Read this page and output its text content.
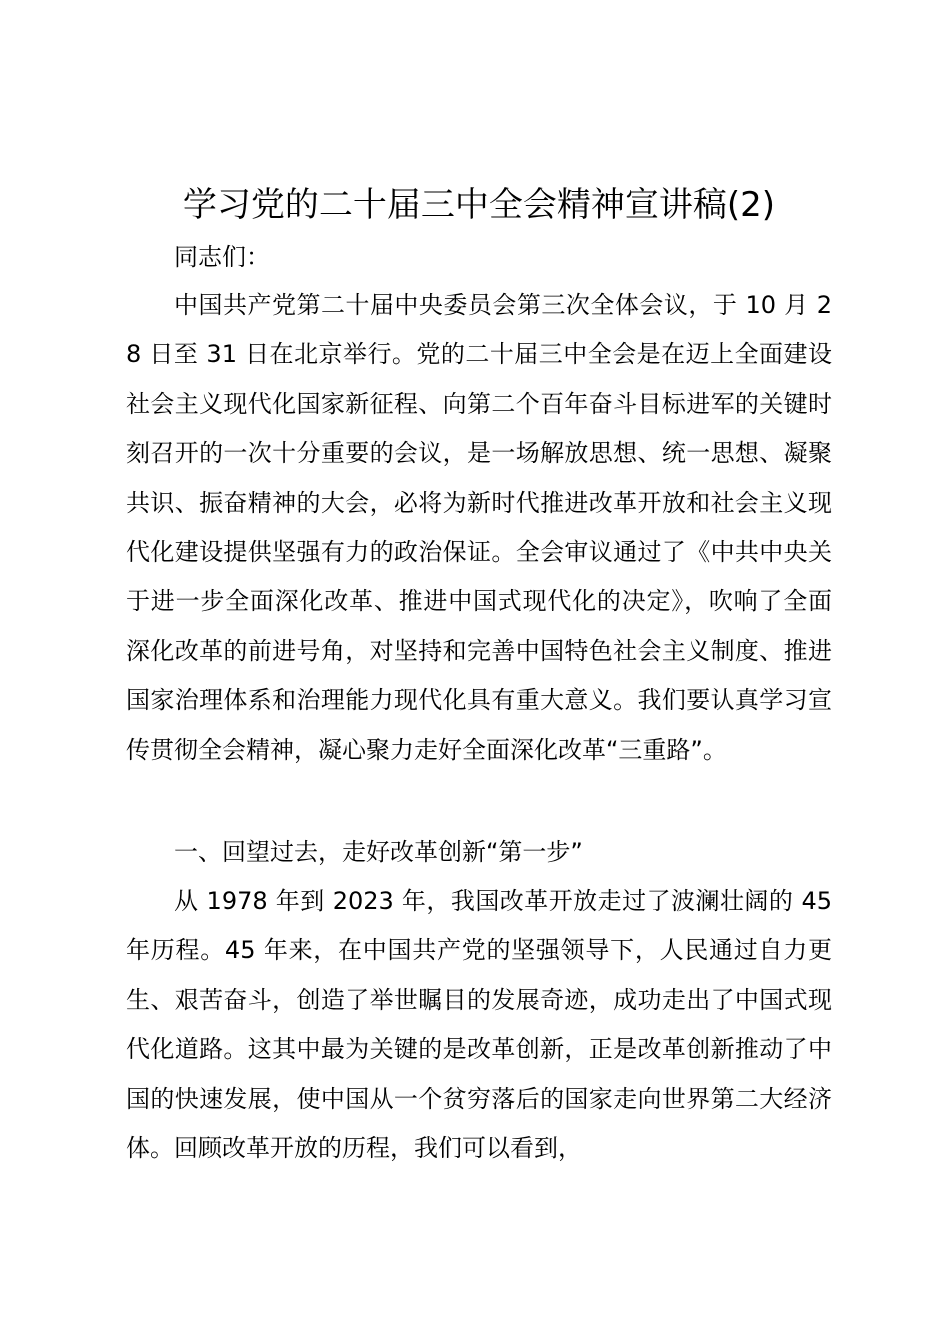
学习党的二十届三中全会精神宣讲稿(2)

同志们：

中国共产党第二十届中央委员会第三次全体会议，于 10 月 28 日至 31 日在北京举行。党的二十届三中全会是在迈上全面建设社会主义现代化国家新征程、向第二个百年奋斗目标进军的关键时刻召开的一次十分重要的会议，是一场解放思想、统一思想、凝聚共识、振奋精神的大会，必将为新时代推进改革开放和社会主义现代化建设提供坚强有力的政治保证。全会审议通过了《中共中央关于进一步全面深化改革、推进中国式现代化的决定》，吹响了全面深化改革的前进号角，对坚持和完善中国特色社会主义制度、推进国家治理体系和治理能力现代化具有重大意义。我们要认真学习宣传贯彻全会精神，凝心聚力走好全面深化改革“三重路”。

一、回望过去，走好改革创新“第一步”

从 1978 年到 2023 年，我国改革开放走过了波澜壮阔的 45 年历程。45 年来，在中国共产党的坚强领导下，人民通过自力更生、艰苦奋斗，创造了举世瞩目的发展奇迹，成功走出了中国式现代化道路。这其中最为关键的是改革创新，正是改革创新推动了中国的快速发展，使中国从一个贫穷落后的国家走向世界第二大经济体。回顾改革开放的历程，我们可以看到，
